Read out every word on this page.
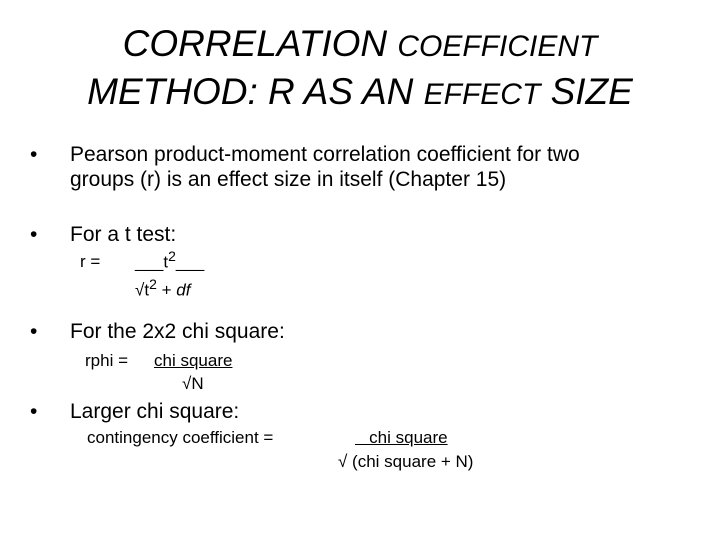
CORRELATION COEFFICIENT
METHOD: R AS AN EFFECT SIZE
• Pearson product-moment correlation coefficient for two
groups (r) is an effect size in itself (Chapter 15)
• For a t test:
$r = \_\_\_t^2\_\_\_$
$√t^2$ + df
• For the 2x2 chi square:
rphi = chi square
√N
• Larger chi square:
contingency coefficient =	chi square
√ (chi square + N)
